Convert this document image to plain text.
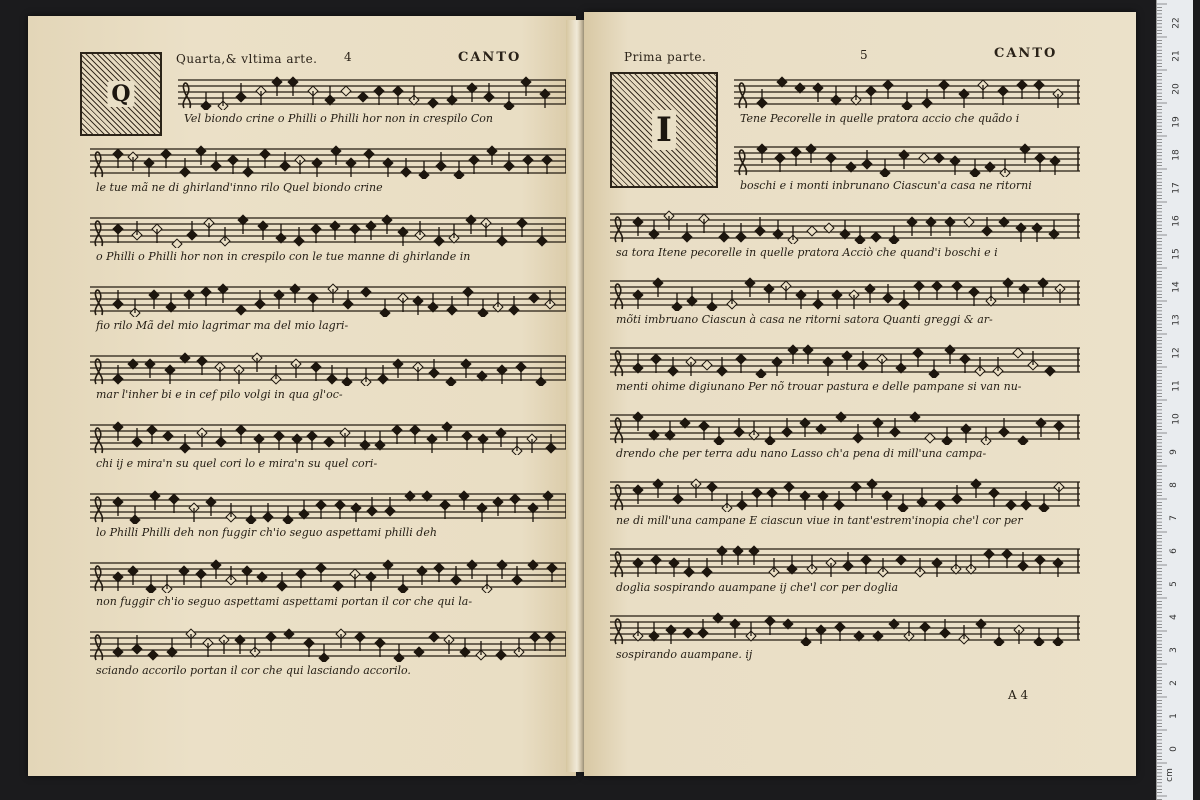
Q
Quarta,& vltima arte. 4	CANTO
Vel biondo crine o Philli o Philli hor non in crespilo Con
le tue mã ne di ghirland'inno rilo Quel biondo crine
o Philli o Philli hor non in crespilo con le tue manne di ghirlande in
fio rilo Mã del mio lagrimar ma del mio lagri-
mar l'inher bi e in cef pilo volgi in qua gl'oc-
chi ij e mira'n su quel cori lo e mira'n su quel cori-
lo Philli Philli deh non fuggir ch'io seguo aspettami philli deh
non fuggir ch'io seguo aspettami aspettami portan il cor che qui la-
sciando accorilo portan il cor che qui lasciando accorilo.
Prima parte.	5	CANTO
I	Tene Pecorelle in quelle pratora accio che quãdo i
boschi e i monti inbrunano Ciascun'a casa ne ritorni
sa tora Itene pecorelle in quelle pratora Acciò che quand'i boschi e i
mõti imbruano Ciascun à casa ne ritorni satora Quanti greggi & ar-
menti ohime digiunano Per nõ trouar pastura e delle pampane si van nu-
drendo che per terra adu nano Lasso ch'a pena di mill'una campa-
ne di mill'una campane E ciascun viue in tant'estrem'inopia che'l cor per
doglia sospirando auampane ij che'l cor per doglia
sospirando auampane. ij
A 4
cm
22
21
20
19
18
17
16
15
14
13
12
11
10
9
8
7
6
5
4
3
2
1
0
